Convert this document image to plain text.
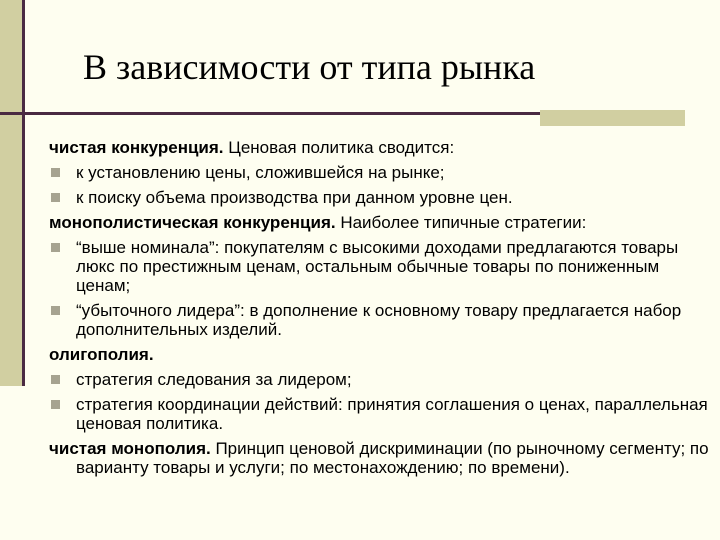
В зависимости от типа рынка

чистая конкуренция. Ценовая политика сводится:

к установлению цены, сложившейся на рынке;
к поиску объема производства при данном уровне цен.

монополистическая конкуренция. Наиболее типичные стратегии:

“выше номинала”: покупателям с высокими доходами предлагаются товары люкс по престижным ценам, остальным обычные товары по пониженным ценам;
“убыточного лидера”: в дополнение к основному товару предлагается набор дополнительных изделий.

олигополия.

стратегия следования за лидером;
стратегия координации действий: принятия соглашения о ценах, параллельная ценовая политика.

чистая монополия. Принцип ценовой дискриминации (по рыночному сегменту; по варианту товары и услуги; по местонахождению; по времени).
